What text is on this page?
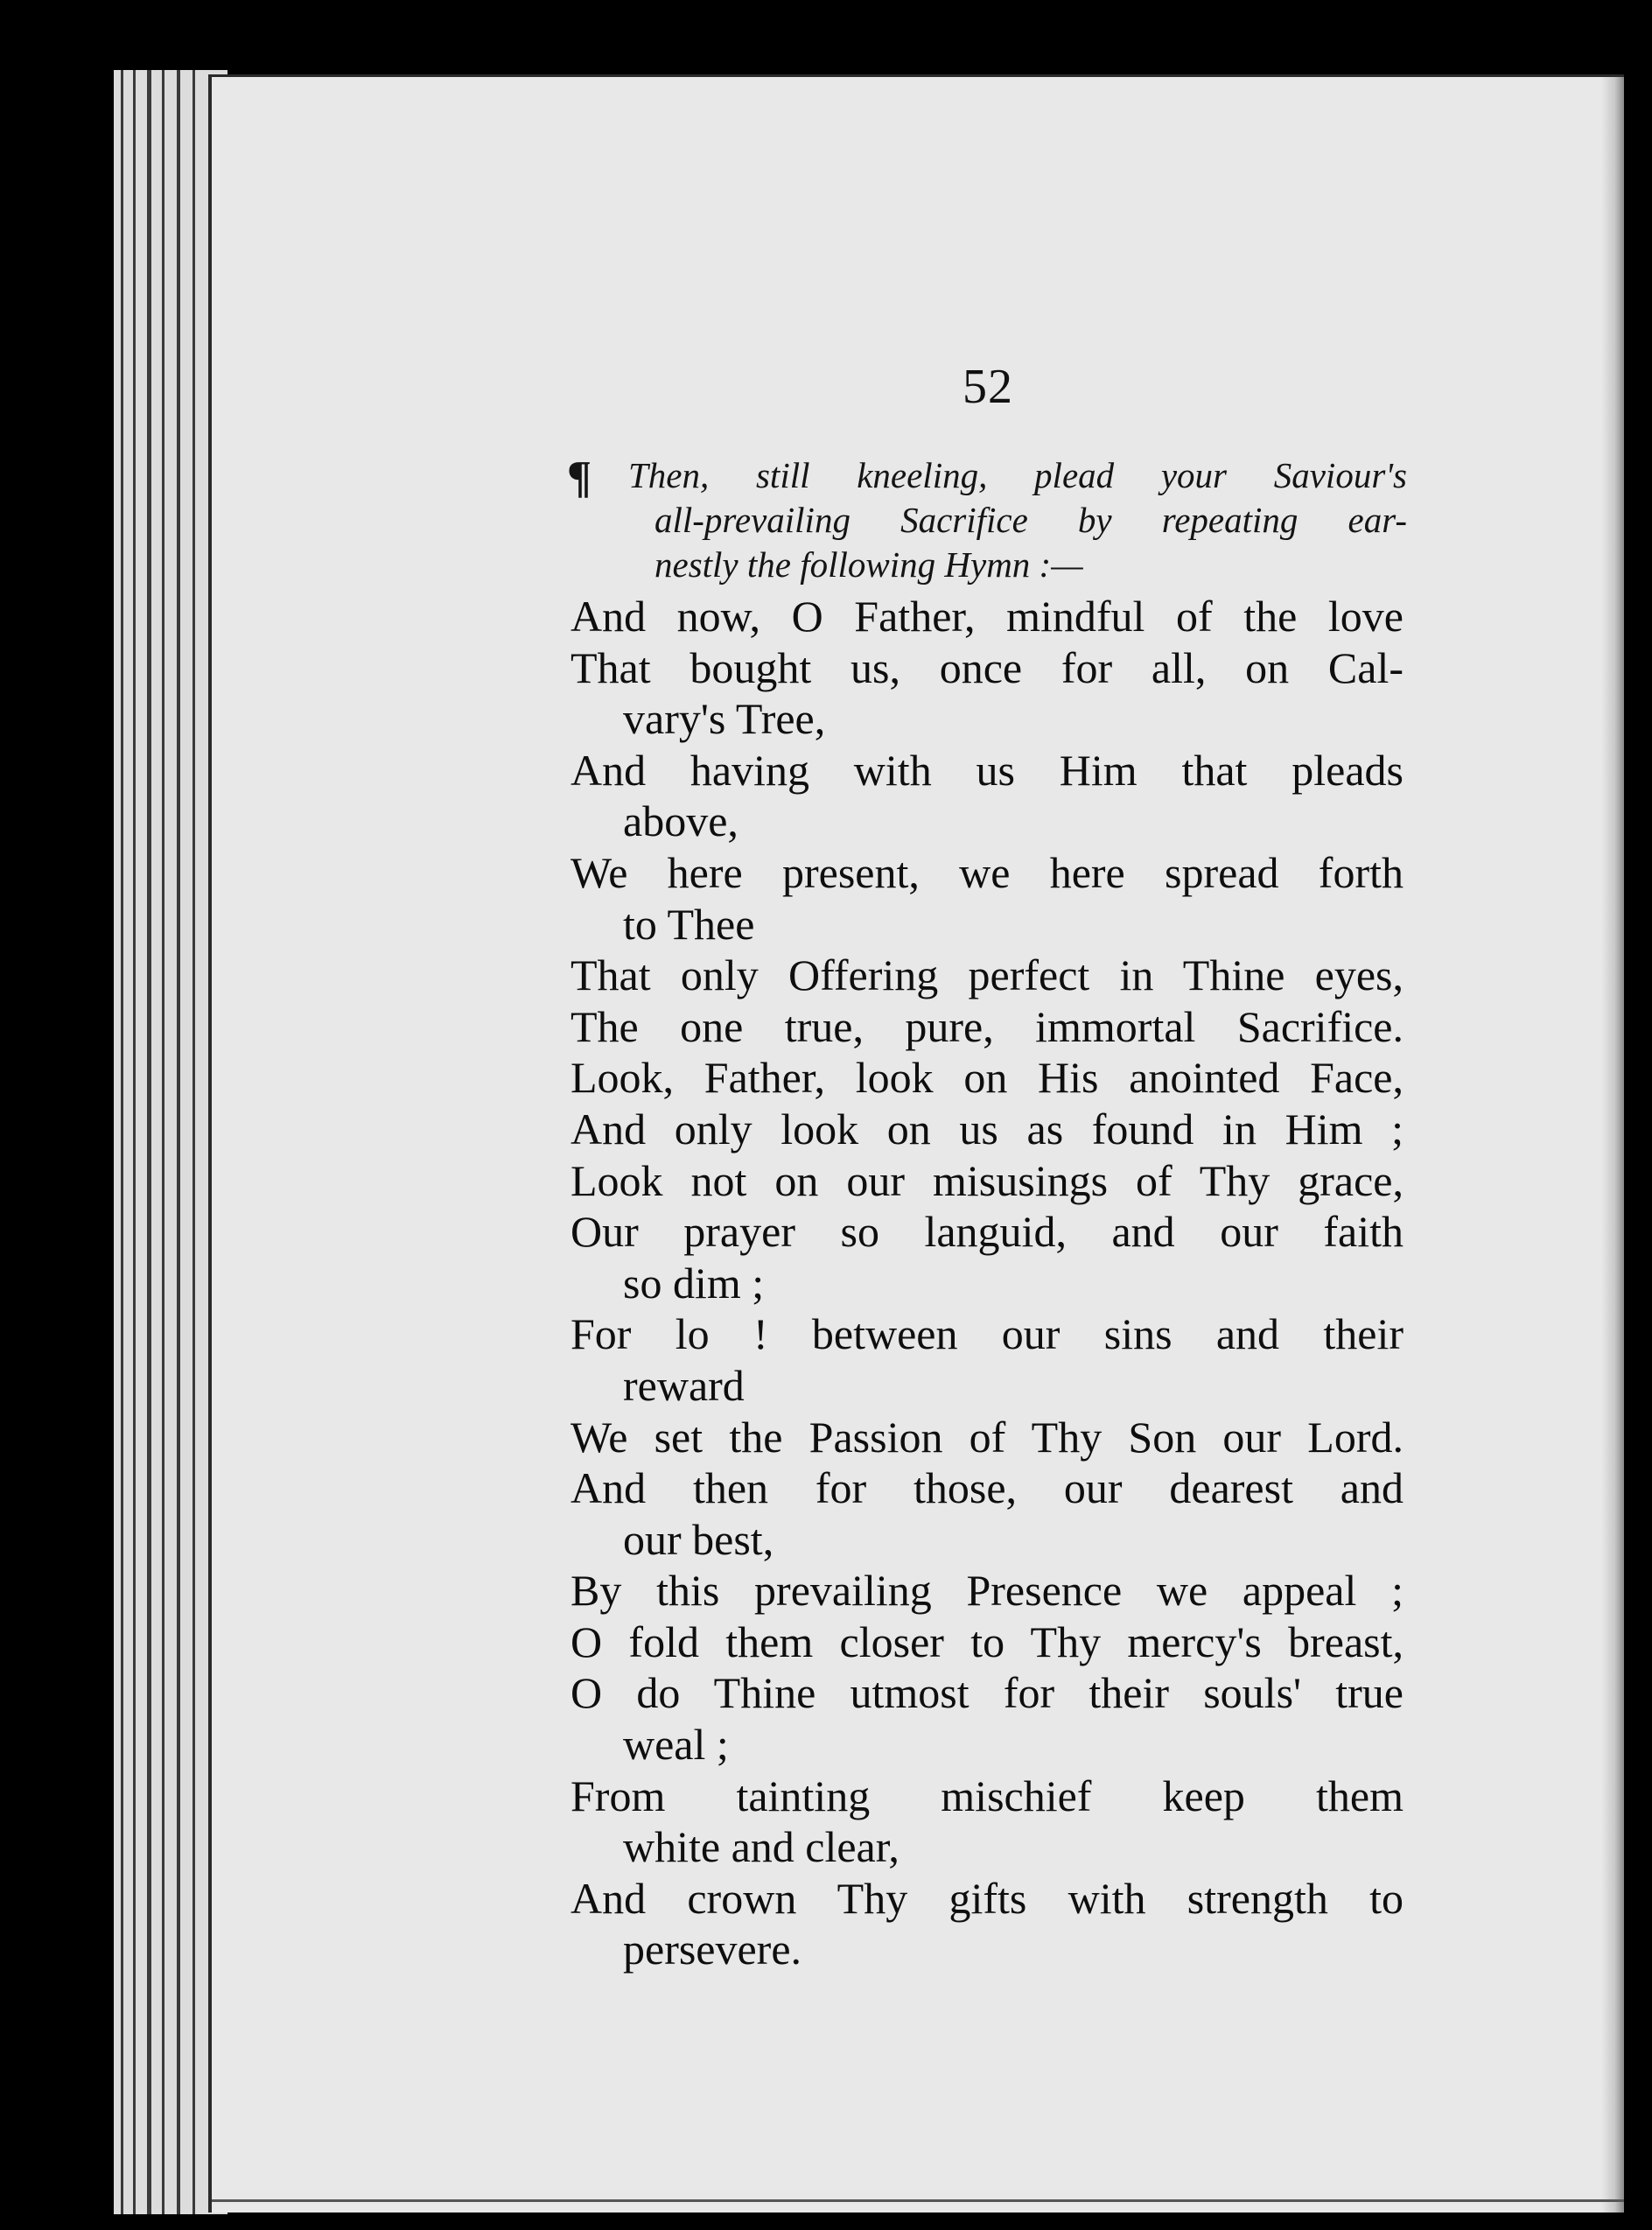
52
¶	Then, still kneeling, plead your Saviour's
all-prevailing Sacrifice by repeating ear-
nestly the following Hymn :—
And now, O Father, mindful of the love
That bought us, once for all, on Cal-
vary's Tree,
And having with us Him that pleads
above,
We here present, we here spread forth
to Thee
That only Offering perfect in Thine eyes,
The one true, pure, immortal Sacrifice.
Look, Father, look on His anointed Face,
And only look on us as found in Him ;
Look not on our misusings of Thy grace,
Our prayer so languid, and our faith
so dim ;
For lo ! between our sins and their
reward
We set the Passion of Thy Son our Lord.
And then for those, our dearest and
our best,
By this prevailing Presence we appeal ;
O fold them closer to Thy mercy's breast,
O do Thine utmost for their souls' true
weal ;
From tainting mischief keep them
white and clear,
And crown Thy gifts with strength to
persevere.
